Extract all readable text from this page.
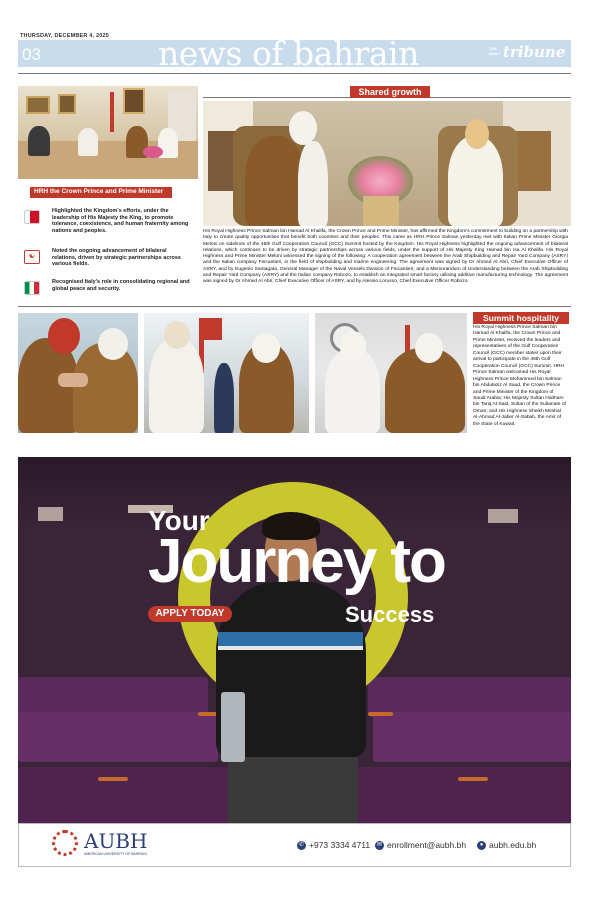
THURSDAY, DECEMBER 4, 2025
03	news of bahrain	THE DAILY tribune
HRH the Crown Prince and Prime Minister
Highlighted the Kingdom's efforts, under the leadership of His Majesty the King, to promote tolerance, coexistence, and human fraternity among nations and peoples.
☯
Noted the ongoing advancement of bilateral relations, driven by strategic partnerships across various fields.
Recognised Italy's role in consolidating regional and global peace and security.
Shared growth
His Royal Highness Prince Salman bin Hamad Al Khalifa, the Crown Prince and Prime Minister, has affirmed the Kingdom's commitment to building on a partnership with Italy to create quality opportunities that benefit both countries and their peoples. This came as HRH Prince Salman yesterday met with Italian Prime Minister Giorgia Meloni on sidelines of the 46th Gulf Cooperation Council (GCC) Summit hosted by the Kingdom. His Royal Highness highlighted the ongoing advancement of bilateral relations, which continues to be driven by strategic partnerships across various fields, under the support of His Majesty King Hamad bin Isa Al Khalifa. His Royal Highness and Prime Minister Meloni witnessed the signing of the following: A cooperation agreement between the Arab Shipbuilding and Repair Yard Company (ASRY) and the Italian company Fincantieri, in the field of shipbuilding and marine engineering. The agreement was signed by Dr Ahmed Al Abri, Chief Executive Officer of ASRY, and by Eugenio Santagata, General Manager of the Naval Vessels Division of Fincantieri; and a Memorandum of Understanding between the Arab Shipbuilding and Repair Yard Company (ASRY) and the Italian company Robozo, to establish an integrated smart factory utilising additive manufacturing technology. The agreement was signed by Dr Ahmed Al Abri, Chief Executive Officer of ASRY, and by Alessio Lorusso, Chief Executive Officer Robozo.
Summit hospitality
His Royal Highness Prince Salman bin Hamad Al Khalifa, the Crown Prince and Prime Minister, received the leaders and representatives of the Gulf Cooperation Council (GCC) member states upon their arrival to participate in the 46th Gulf Cooperation Council (GCC) Summit. HRH Prince Salman welcomed His Royal Highness Prince Mohammed bin Salman bin Abdulaziz Al Saud, the Crown Prince and Prime Minister of the Kingdom of Saudi Arabia; His Majesty Sultan Haitham bin Tariq Al-Said, Sultan of the Sultanate of Oman; and His Highness Sheikh Meshal Al-Ahmad Al-Jaber Al-Sabah, the Amir of the State of Kuwait.
Your
Journey to
APPLY TODAY	Success
AUBH
AMERICAN UNIVERSITY OF BAHRAIN
✆ +973 3334 4711	✉ enrollment@aubh.bh	● aubh.edu.bh
